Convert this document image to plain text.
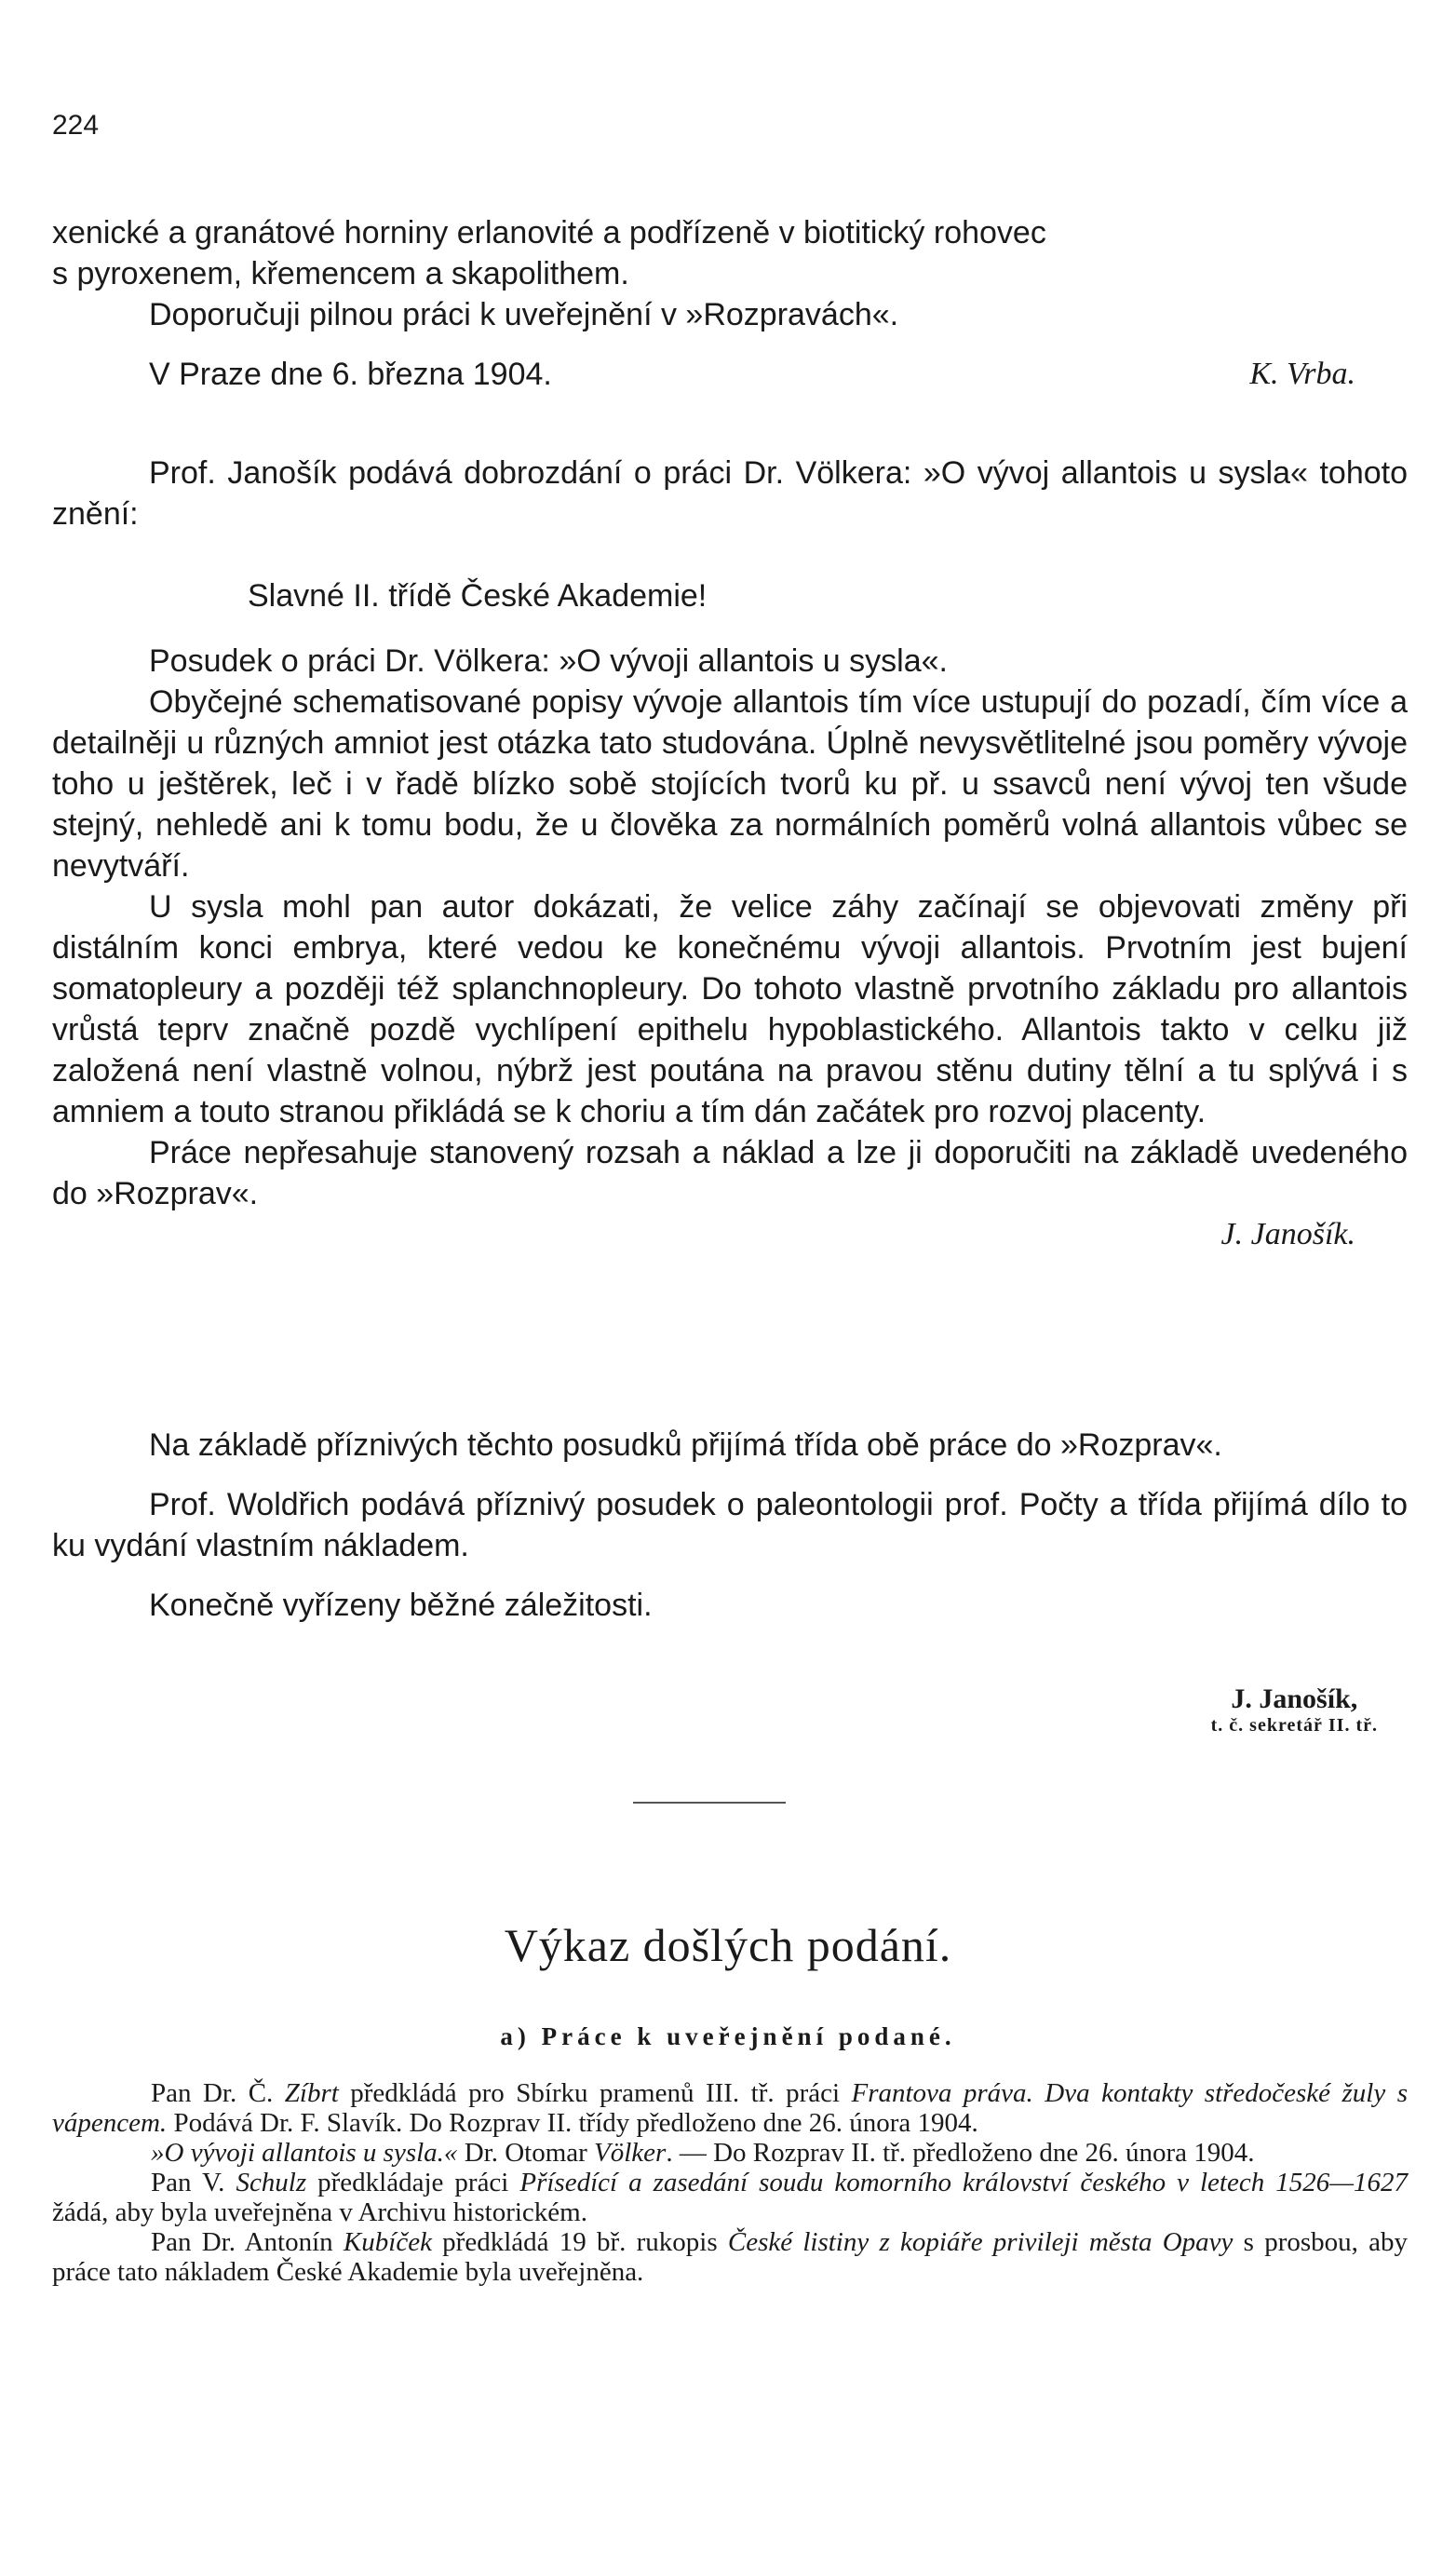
224

xenické a granátové horniny erlanovité a podřízeně v biotitický rohovec

s pyroxenem, křemencem a skapolithem.

Doporučuji pilnou práci k uveřejnění v »Rozpravách«.

V Praze dne 6. března 1904.	K. Vrba.

Prof. Janošík podává dobrozdání o práci Dr. Völkera: »O vývoj allantois u sysla« tohoto znění:

Slavné II. třídě České Akademie!

Posudek o práci Dr. Völkera: »O vývoji allantois u sysla«.

Obyčejné schematisované popisy vývoje allantois tím více ustupují do pozadí, čím více a detailněji u různých amniot jest otázka tato studována. Úplně nevysvětlitelné jsou poměry vývoje toho u ještěrek, leč i v řadě blízko sobě stojících tvorů ku př. u ssavců není vývoj ten všude stejný, nehledě ani k tomu bodu, že u člověka za normálních poměrů volná allantois vůbec se nevytváří.

U sysla mohl pan autor dokázati, že velice záhy začínají se objevovati změny při distálním konci embrya, které vedou ke konečnému vývoji allantois. Prvotním jest bujení somatopleury a později též splanchnopleury. Do tohoto vlastně prvotního základu pro allantois vrůstá teprv značně pozdě vychlípení epithelu hypoblastického. Allantois takto v celku již založená není vlastně volnou, nýbrž jest poutána na pravou stěnu dutiny tělní a tu splývá i s amniem a touto stranou přikládá se k choriu a tím dán začátek pro rozvoj placenty.

Práce nepřesahuje stanovený rozsah a náklad a lze ji doporučiti na základě uvedeného do »Rozprav«.

J. Janošík.

Na základě příznivých těchto posudků přijímá třída obě práce do »Rozprav«.

Prof. Woldřich podává příznivý posudek o paleontologii prof. Počty a třída přijímá dílo to ku vydání vlastním nákladem.

Konečně vyřízeny běžné záležitosti.

J. Janošík,
t. č. sekretář II. tř.
Výkaz došlých podání.
a) Práce k uveřejnění podané.

Pan Dr. Č. Zíbrt předkládá pro Sbírku pramenů III. tř. práci Frantova práva. Dva kontakty středočeské žuly s vápencem. Podává Dr. F. Slavík. Do Rozprav II. třídy předloženo dne 26. února 1904.

»O vývoji allantois u sysla.« Dr. Otomar Völker. — Do Rozprav II. tř. předloženo dne 26. února 1904.

Pan V. Schulz předkládaje práci Přísedící a zasedání soudu komorního království českého v letech 1526—1627 žádá, aby byla uveřejněna v Archivu historickém.

Pan Dr. Antonín Kubíček předkládá 19 bř. rukopis České listiny z kopiáře privileji města Opavy s prosbou, aby práce tato nákladem České Akademie byla uveřejněna.
